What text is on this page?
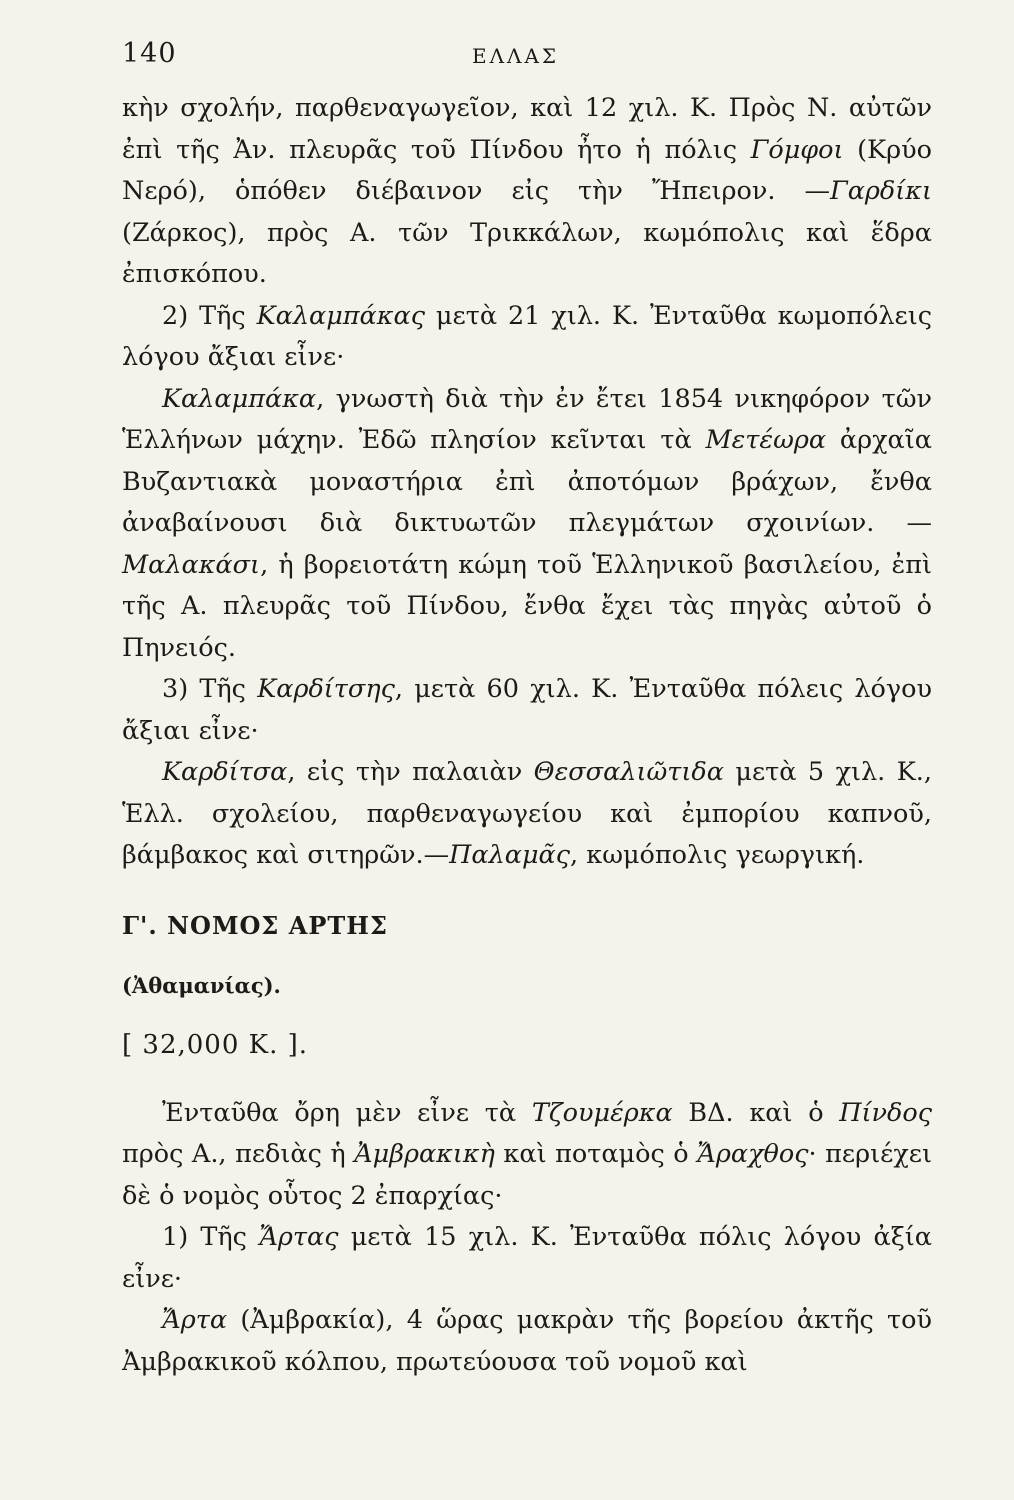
140	ΕΛΛΑΣ

κὴν σχολήν, παρθεναγωγεῖον, καὶ 12 χιλ. Κ. Πρὸς Ν. αὐτῶν ἐπὶ τῆς Ἀν. πλευρᾶς τοῦ Πίνδου ἦτο ἡ πόλις Γόμφοι (Κρύο Νερό), ὁπόθεν διέβαινον εἰς τὴν Ἤπειρον. —Γαρδίκι (Ζάρκος), πρὸς Α. τῶν Τρικκάλων, κωμόπολις καὶ ἕδρα ἐπισκόπου.

2) Τῆς Καλαμπάκας μετὰ 21 χιλ. Κ. Ἐνταῦθα κωμοπόλεις λόγου ἄξιαι εἶνε·

Καλαμπάκα, γνωστὴ διὰ τὴν ἐν ἔτει 1854 νικηφόρον τῶν Ἑλλήνων μάχην. Ἐδῶ πλησίον κεῖνται τὰ Μετέωρα ἀρχαῖα Βυζαντιακὰ μοναστήρια ἐπὶ ἀποτόμων βράχων, ἔνθα ἀναβαίνουσι διὰ δικτυωτῶν πλεγμάτων σχοινίων. —Μαλακάσι, ἡ βορειοτάτη κώμη τοῦ Ἑλληνικοῦ βασιλείου, ἐπὶ τῆς Α. πλευρᾶς τοῦ Πίνδου, ἔνθα ἔχει τὰς πηγὰς αὐτοῦ ὁ Πηνειός.

3) Τῆς Καρδίτσης, μετὰ 60 χιλ. Κ. Ἐνταῦθα πόλεις λόγου ἄξιαι εἶνε·

Καρδίτσα, εἰς τὴν παλαιὰν Θεσσαλιῶτιδα μετὰ 5 χιλ. Κ., Ἑλλ. σχολείου, παρθεναγωγείου καὶ ἐμπορίου καπνοῦ, βάμβακος καὶ σιτηρῶν.—Παλαμᾶς, κωμόπολις γεωργική.

Γ'. ΝΟΜΟΣ ΑΡΤΗΣ

(Ἀθαμανίας).

[ 32,000 Κ. ].

Ἐνταῦθα ὄρη μὲν εἶνε τὰ Τζουμέρκα ΒΔ. καὶ ὁ Πίνδος πρὸς Α., πεδιὰς ἡ Ἀμβρακικὴ καὶ ποταμὸς ὁ Ἄραχθος· περιέχει δὲ ὁ νομὸς οὗτος 2 ἐπαρχίας·

1) Τῆς Ἄρτας μετὰ 15 χιλ. Κ. Ἐνταῦθα πόλις λόγου ἀξία εἶνε·

Ἄρτα (Ἀμβρακία), 4 ὥρας μακρὰν τῆς βορείου ἀκτῆς τοῦ Ἀμβρακικοῦ κόλπου, πρωτεύουσα τοῦ νομοῦ καὶ
